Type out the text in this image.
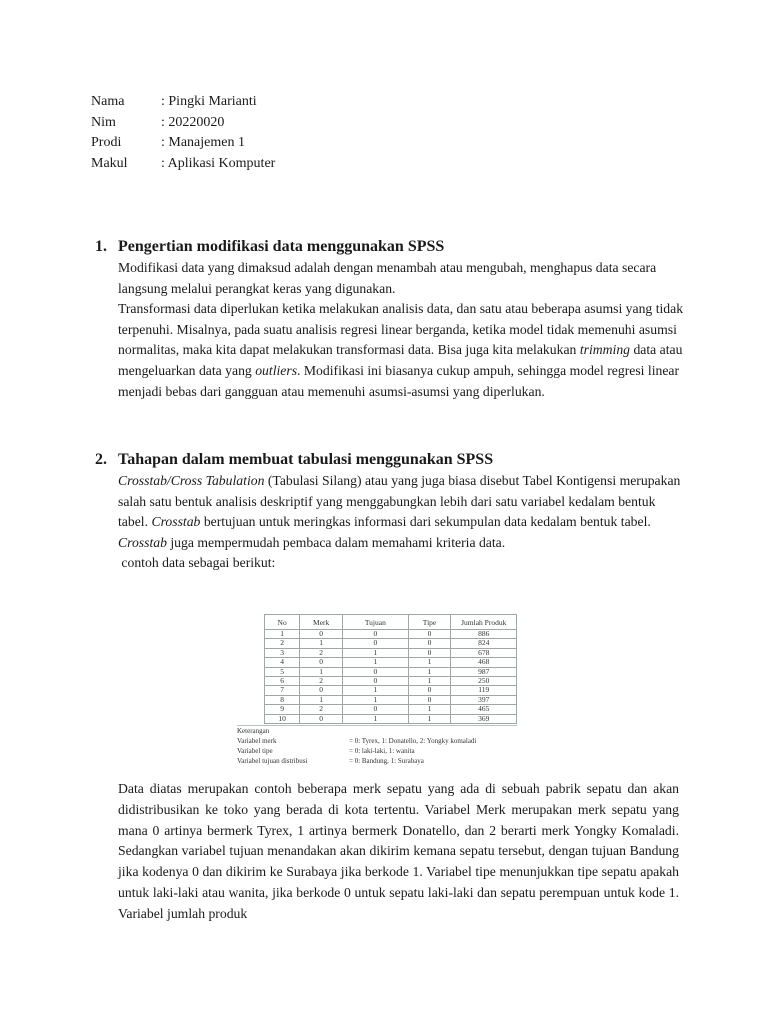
Nama	: Pingki Marianti
Nim	: 20220020
Prodi	: Manajemen 1
Makul	: Aplikasi Komputer
1. Pengertian modifikasi data menggunakan SPSS

Modifikasi data yang dimaksud adalah dengan menambah atau mengubah, menghapus data secara langsung melalui perangkat keras yang digunakan.

Transformasi data diperlukan ketika melakukan analisis data, dan satu atau beberapa asumsi yang tidak terpenuhi. Misalnya, pada suatu analisis regresi linear berganda, ketika model tidak memenuhi asumsi normalitas, maka kita dapat melakukan transformasi data. Bisa juga kita melakukan trimming data atau mengeluarkan data yang outliers. Modifikasi ini biasanya cukup ampuh, sehingga model regresi linear menjadi bebas dari gangguan atau memenuhi asumsi-asumsi yang diperlukan.

2. Tahapan dalam membuat tabulasi menggunakan SPSS

Crosstab/Cross Tabulation (Tabulasi Silang) atau yang juga biasa disebut Tabel Kontigensi merupakan salah satu bentuk analisis deskriptif yang menggabungkan lebih dari satu variabel kedalam bentuk tabel. Crosstab bertujuan untuk meringkas informasi dari sekumpulan data kedalam bentuk tabel. Crosstab juga mempermudah pembaca dalam memahami kriteria data.

contoh data sebagai berikut:

No	Merk	Tujuan	Tipe	Jumlah Produk
1	0	0	0	886
2	1	0	0	824
3	2	1	0	678
4	0	1	1	468
5	1	0	1	987
6	2	0	1	250
7	0	1	0	119
8	1	1	0	397
9	2	0	1	465
10	0	1	1	369
Keterangan
Variabel merk	= 0: Tyrex, 1: Donatello, 2: Yongky komaladi
Variabel tipe	= 0: laki-laki, 1: wanita
Variabel tujuan distribusi	= 0: Bandung, 1: Surabaya
Data diatas merupakan contoh beberapa merk sepatu yang ada di sebuah pabrik sepatu dan akan didistribusikan ke toko yang berada di kota tertentu. Variabel Merk merupakan merk sepatu yang mana 0 artinya bermerk Tyrex, 1 artinya bermerk Donatello, dan 2 berarti merk Yongky Komaladi. Sedangkan variabel tujuan menandakan akan dikirim kemana sepatu tersebut, dengan tujuan Bandung jika kodenya 0 dan dikirim ke Surabaya jika berkode 1. Variabel tipe menunjukkan tipe sepatu apakah untuk laki-laki atau wanita, jika berkode 0 untuk sepatu laki-laki dan sepatu perempuan untuk kode 1. Variabel jumlah produk
